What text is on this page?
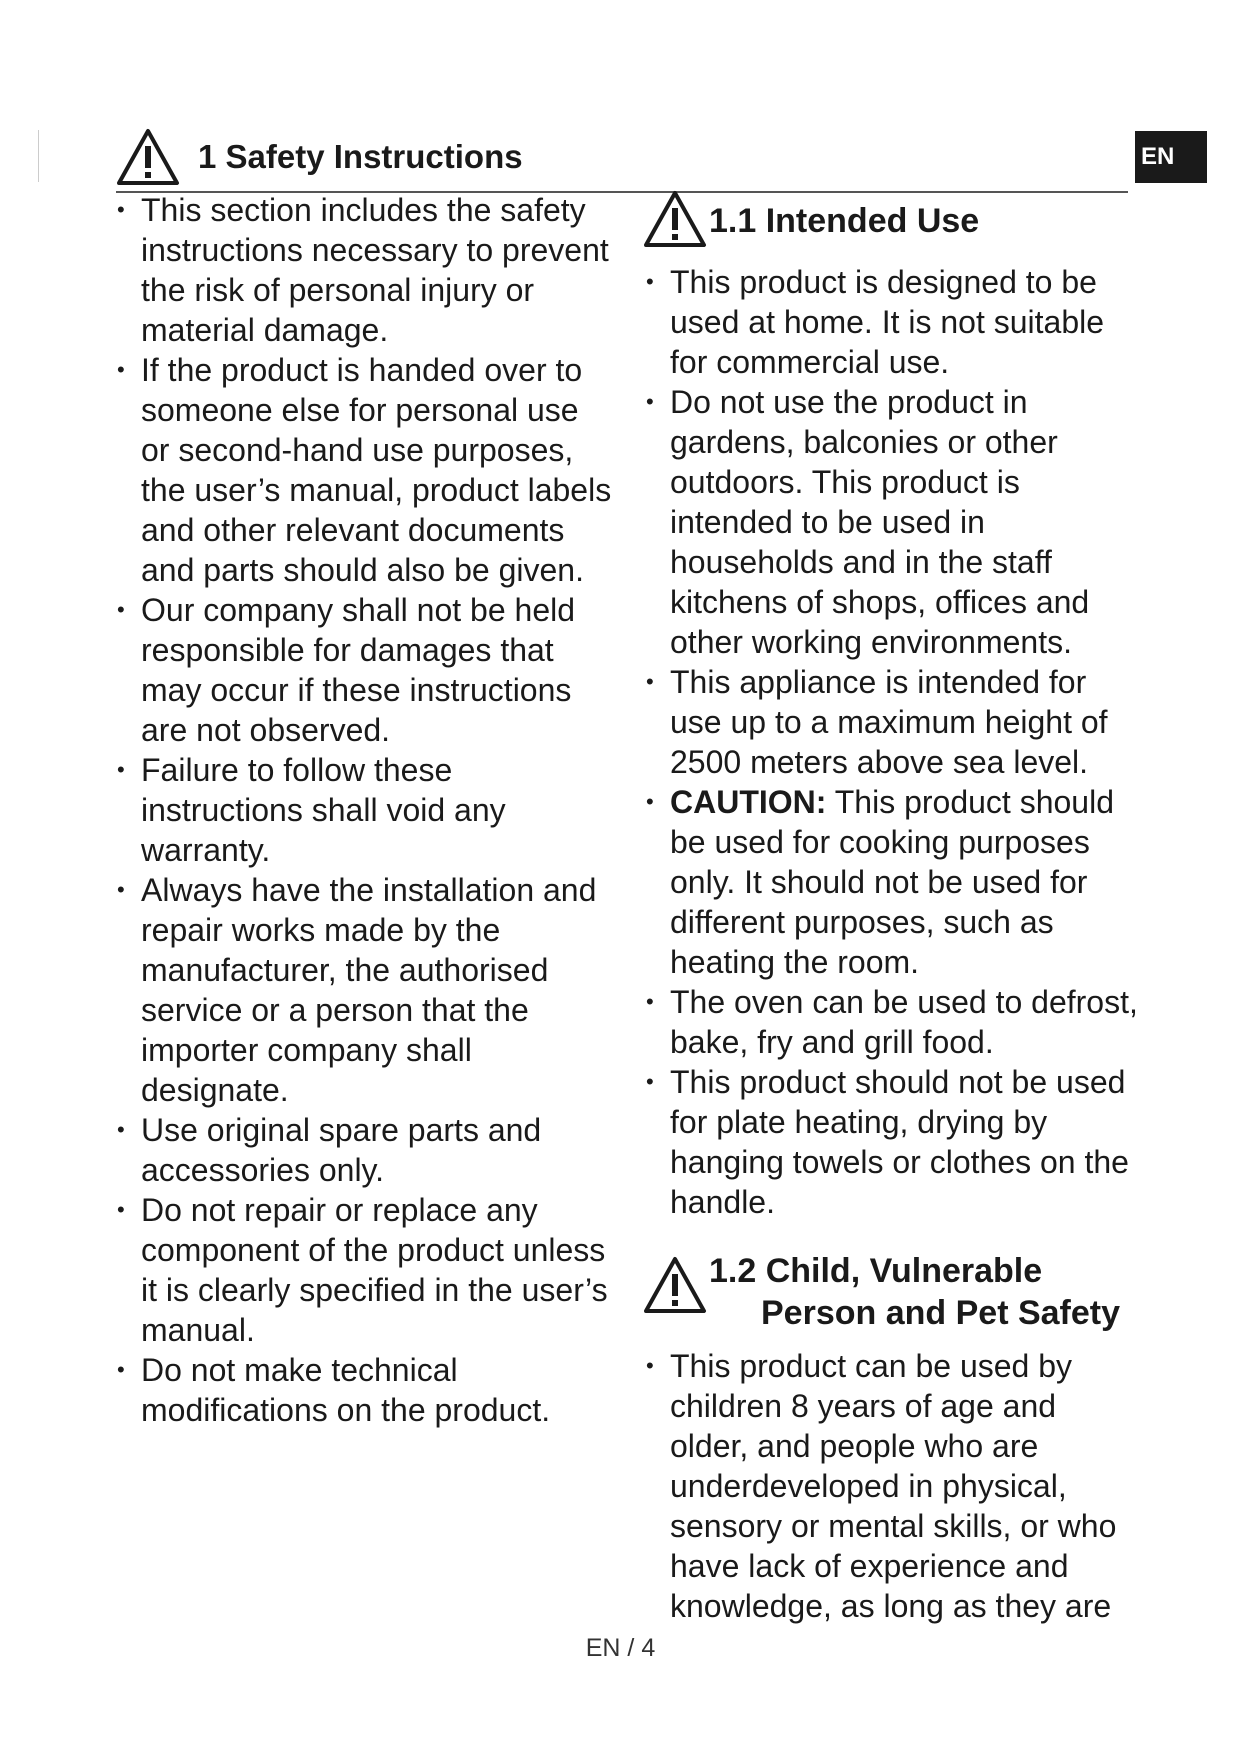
EN
1 Safety Instructions
• This section includes the safety instructions necessary to prevent the risk of personal injury or material damage.
• If the product is handed over to someone else for personal use or second-hand use purposes, the user’s manual, product labels and other relevant documents and parts should also be given.
• Our company shall not be held responsible for damages that may occur if these instructions are not observed.
• Failure to follow these instructions shall void any warranty.
• Always have the installation and repair works made by the manufacturer, the authorised service or a person that the importer company shall designate.
• Use original spare parts and accessories only.
• Do not repair or replace any component of the product unless it is clearly specified in the user’s manual.
• Do not make technical modifications on the product.
1.1 Intended Use
• This product is designed to be used at home. It is not suitable for commercial use.
• Do not use the product in gardens, balconies or other outdoors. This product is intended to be used in households and in the staff kitchens of shops, offices and other working environments.
• This appliance is intended for use up to a maximum height of 2500 meters above sea level.
• CAUTION: This product should be used for cooking purposes only. It should not be used for different purposes, such as heating the room.
• The oven can be used to defrost, bake, fry and grill food.
• This product should not be used for plate heating, drying by hanging towels or clothes on the handle.
1.2 Child, Vulnerable
Person and Pet Safety
• This product can be used by children 8 years of age and older, and people who are underdeveloped in physical, sensory or mental skills, or who have lack of experience and knowledge, as long as they are
EN / 4
